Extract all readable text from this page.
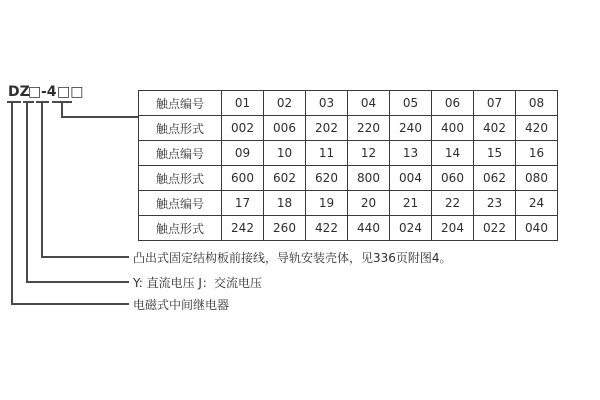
DZ
□ -4 □□
触点编号	01	02	03	04	05	06	07	08
触点形式	002	006	202	220	240	400	402	420
触点编号	09	10	11	12	13	14	15	16
触点形式	600	602	620	800	004	060	062	080
触点编号	17	18	19	20	21	22	23	24
触点形式	242	260	422	440	024	204	022	040
凸出式固定结构板前接线，导轨安装壳体，见336页附图4。
Y: 直流电压 J：交流电压
电磁式中间继电器
